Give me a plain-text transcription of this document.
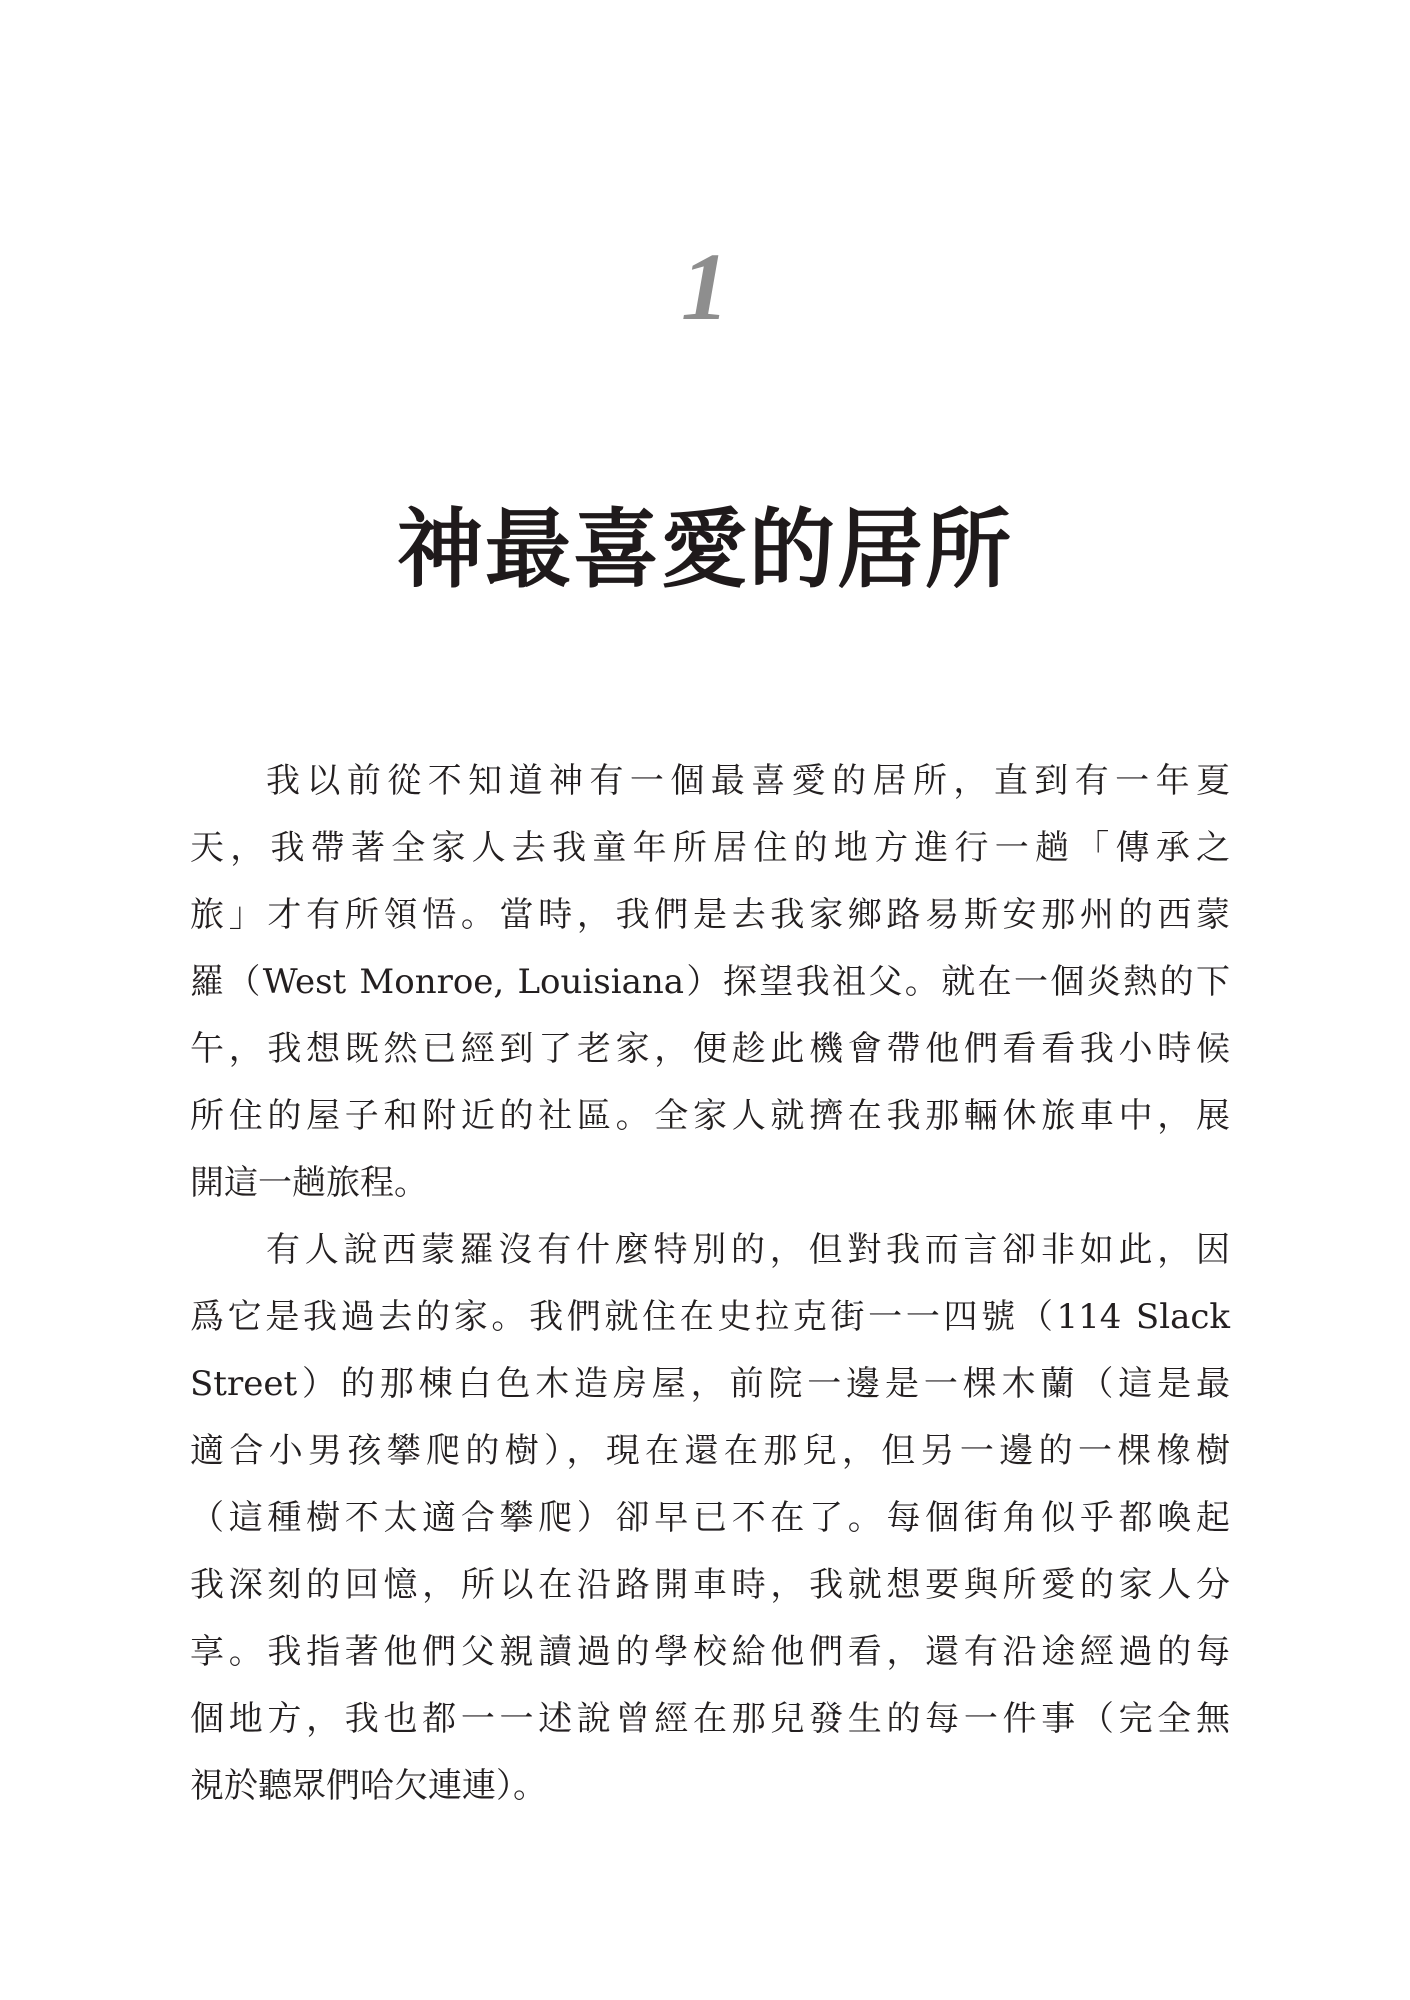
1
神最喜愛的居所
我以前從不知道神有一個最喜愛的居所，直到有一年夏
天，我帶著全家人去我童年所居住的地方進行一趟「傳承之
旅」才有所領悟。當時，我們是去我家鄉路易斯安那州的西蒙
羅（West Monroe, Louisiana）探望我祖父。就在一個炎熱的下
午，我想既然已經到了老家，便趁此機會帶他們看看我小時候
所住的屋子和附近的社區。全家人就擠在我那輛休旅車中，展
開這一趟旅程。
有人說西蒙羅沒有什麼特別的，但對我而言卻非如此，因
爲它是我過去的家。我們就住在史拉克街一一四號（114 Slack
Street）的那棟白色木造房屋，前院一邊是一棵木蘭（這是最
適合小男孩攀爬的樹），現在還在那兒，但另一邊的一棵橡樹
（這種樹不太適合攀爬）卻早已不在了。每個街角似乎都喚起
我深刻的回憶，所以在沿路開車時，我就想要與所愛的家人分
享。我指著他們父親讀過的學校給他們看，還有沿途經過的每
個地方，我也都一一述說曾經在那兒發生的每一件事（完全無
視於聽眾們哈欠連連）。
